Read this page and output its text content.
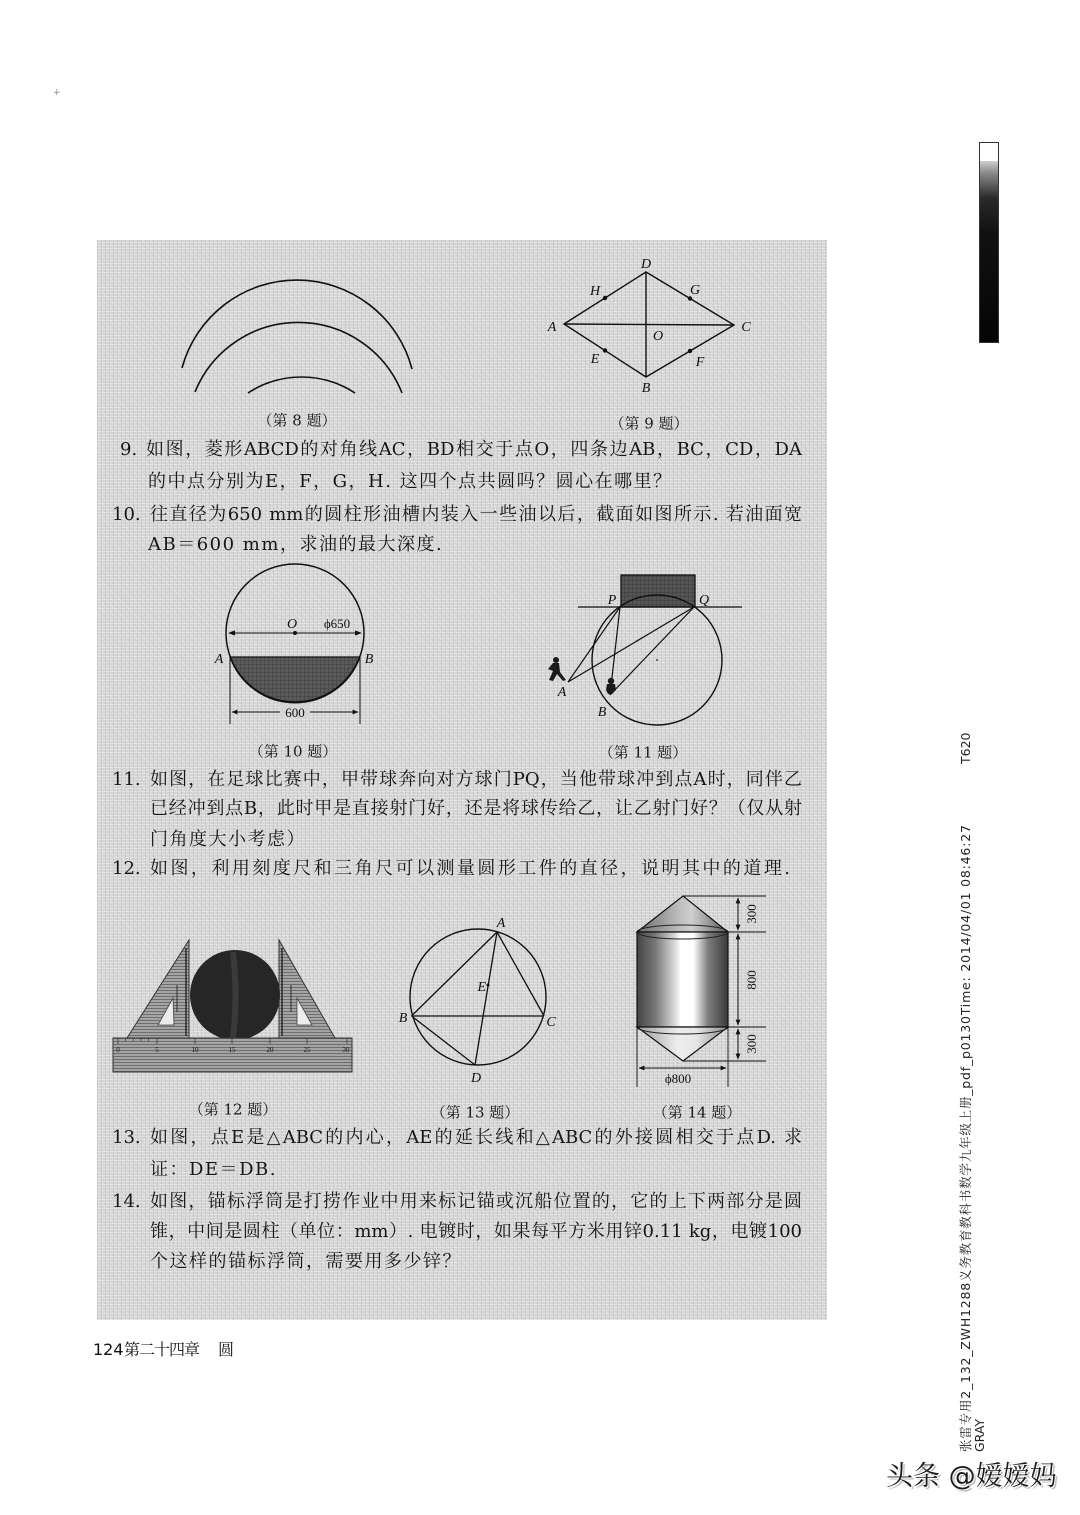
+
（第 8 题）
D
H	G
A	C
O
E	F
B
（第 9 题）
O ϕ650
A	B
600
（第 10 题）
P	Q
A
B
（第 11 题）
9. 如图，菱形ABCD的对角线AC，BD相交于点O，四条边AB，BC，CD，DA
的中点分别为E，F，G，H. 这四个点共圆吗？圆心在哪里？
10. 往直径为650 mm的圆柱形油槽内装入一些油以后，截面如图所示. 若油面宽
AB＝600 mm，求油的最大深度.
11. 如图，在足球比赛中，甲带球奔向对方球门PQ，当他带球冲到点A时，同伴乙
已经冲到点B，此时甲是直接射门好，还是将球传给乙，让乙射门好？（仅从射
门角度大小考虑）
12. 如图，利用刻度尺和三角尺可以测量圆形工件的直径，说明其中的道理.
0	5	10	15	20	25	30
（第 12 题）
A
B	C
D
E
（第 13 题）
300
800
300
ϕ800
（第 14 题）
13. 如图，点E是△ABC的内心，AE的延长线和△ABC的外接圆相交于点D. 求
证：DE＝DB.
14. 如图，锚标浮筒是打捞作业中用来标记锚或沉船位置的，它的上下两部分是圆
锥，中间是圆柱（单位：mm）. 电镀时，如果每平方米用锌0.11 kg，电镀100
个这样的锚标浮筒，需要用多少锌？
124 第二十四章 圆	张雷专用2_132_ZWH1288义务教育教科书数学九年级上册_pdf_p0130Time: 2014/04/01 08:46:27
T620
GRAY
头条 @嫒嫒妈
